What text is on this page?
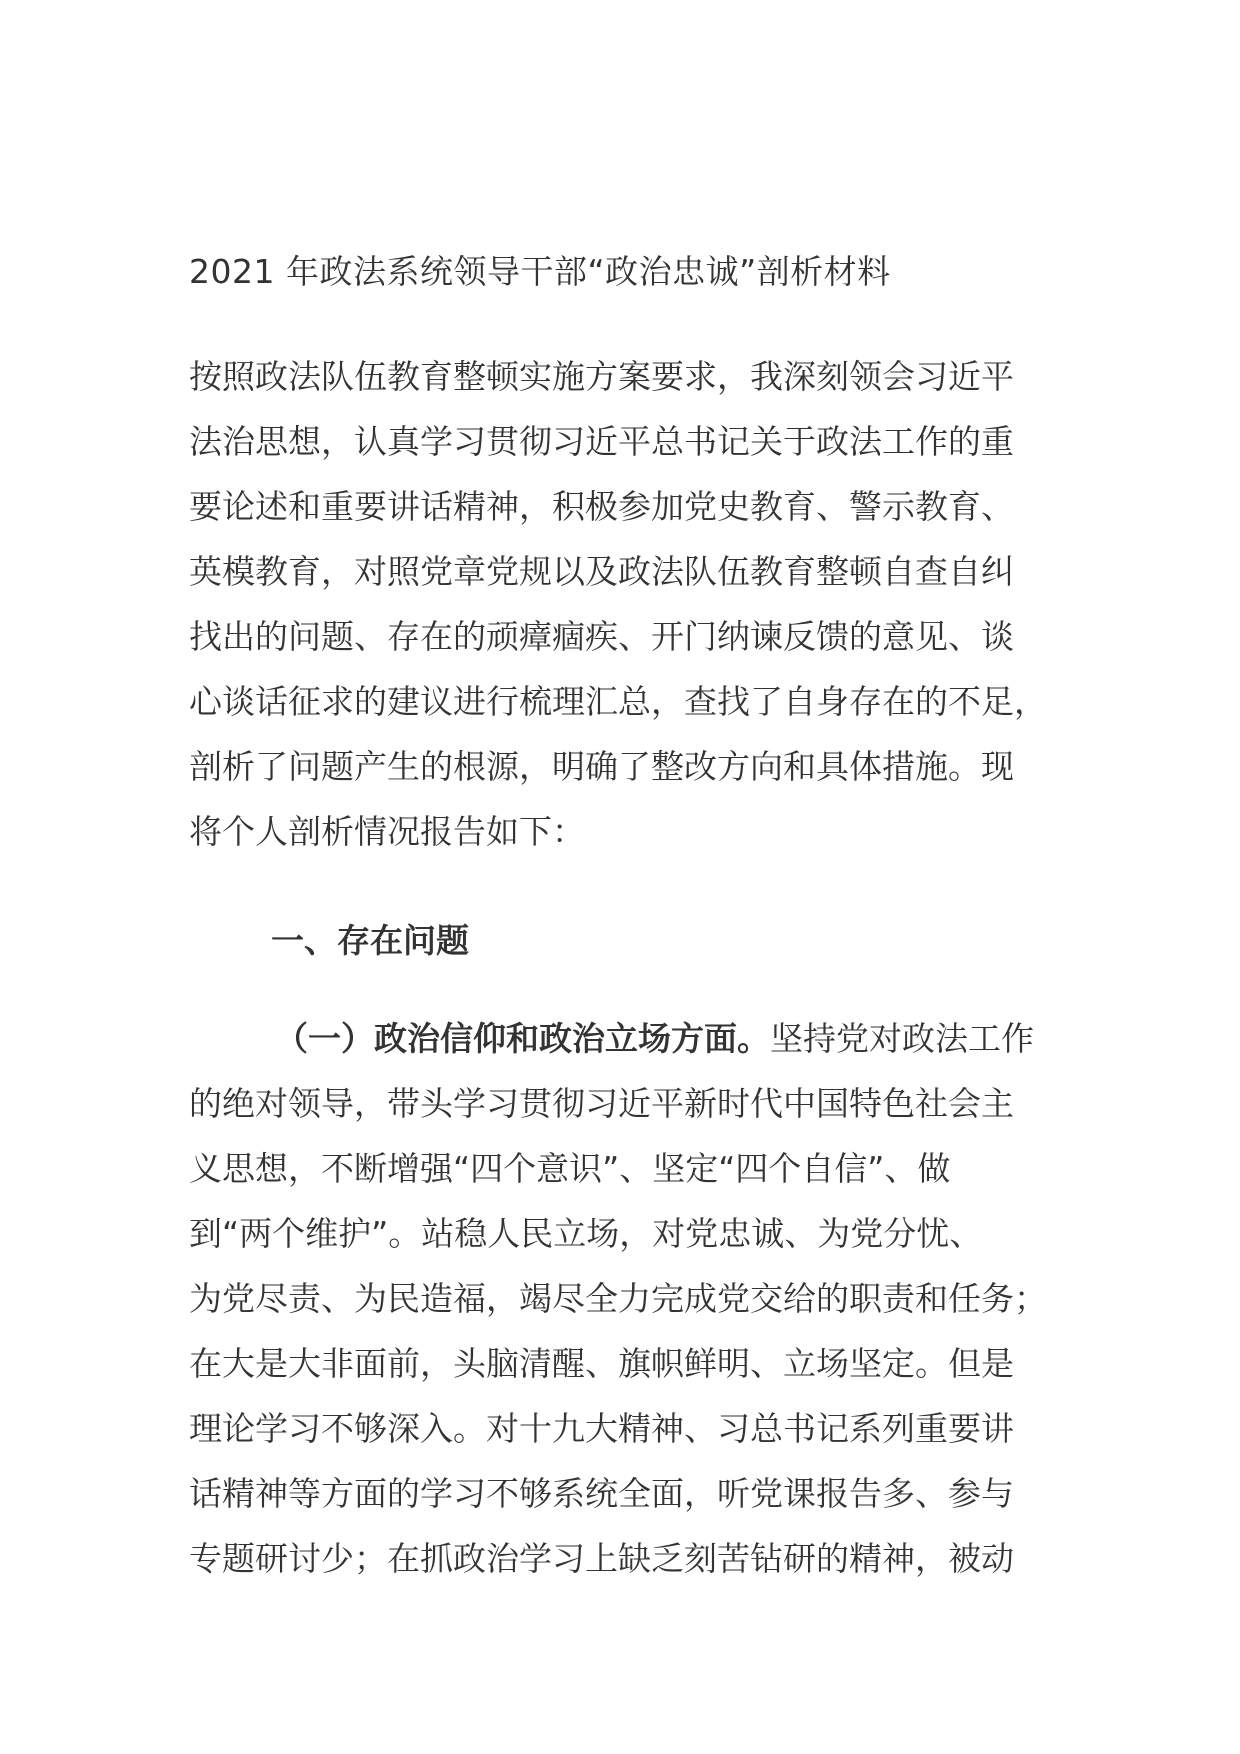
2021 年政法系统领导干部“政治忠诚”剖析材料
按照政法队伍教育整顿实施方案要求，我深刻领会习近平
法治思想，认真学习贯彻习近平总书记关于政法工作的重
要论述和重要讲话精神，积极参加党史教育、警示教育、
英模教育，对照党章党规以及政法队伍教育整顿自查自纠
找出的问题、存在的顽瘴痼疾、开门纳谏反馈的意见、谈
心谈话征求的建议进行梳理汇总，查找了自身存在的不足，
剖析了问题产生的根源，明确了整改方向和具体措施。现
将个人剖析情况报告如下：
一、存在问题
（一）政治信仰和政治立场方面。坚持党对政法工作
的绝对领导，带头学习贯彻习近平新时代中国特色社会主
义思想，不断增强“四个意识”、坚定“四个自信”、做
到“两个维护”。站稳人民立场，对党忠诚、为党分忧、
为党尽责、为民造福，竭尽全力完成党交给的职责和任务；
在大是大非面前，头脑清醒、旗帜鲜明、立场坚定。但是
理论学习不够深入。对十九大精神、习总书记系列重要讲
话精神等方面的学习不够系统全面，听党课报告多、参与
专题研讨少；在抓政治学习上缺乏刻苦钻研的精神，被动
